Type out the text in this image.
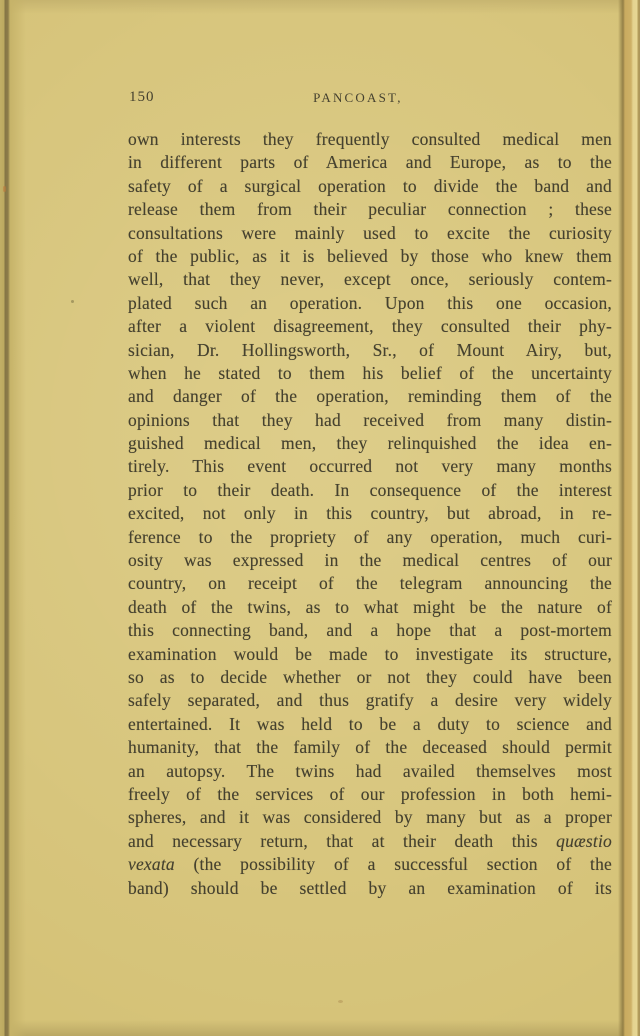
150	PANCOAST,
own interests they frequently consulted medical men
in different parts of America and Europe, as to the
safety of a surgical operation to divide the band and
release them from their peculiar connection ; these
consultations were mainly used to excite the curiosity
of the public, as it is believed by those who knew them
well, that they never, except once, seriously contem-
plated such an operation. Upon this one occasion,
after a violent disagreement, they consulted their phy-
sician, Dr. Hollingsworth, Sr., of Mount Airy, but,
when he stated to them his belief of the uncertainty
and danger of the operation, reminding them of the
opinions that they had received from many distin-
guished medical men, they relinquished the idea en-
tirely. This event occurred not very many months
prior to their death. In consequence of the interest
excited, not only in this country, but abroad, in re-
ference to the propriety of any operation, much curi-
osity was expressed in the medical centres of our
country, on receipt of the telegram announcing the
death of the twins, as to what might be the nature of
this connecting band, and a hope that a post-mortem
examination would be made to investigate its structure,
so as to decide whether or not they could have been
safely separated, and thus gratify a desire very widely
entertained. It was held to be a duty to science and
humanity, that the family of the deceased should permit
an autopsy. The twins had availed themselves most
freely of the services of our profession in both hemi-
spheres, and it was considered by many but as a proper
and necessary return, that at their death this quæstio
vexata (the possibility of a successful section of the
band) should be settled by an examination of its
